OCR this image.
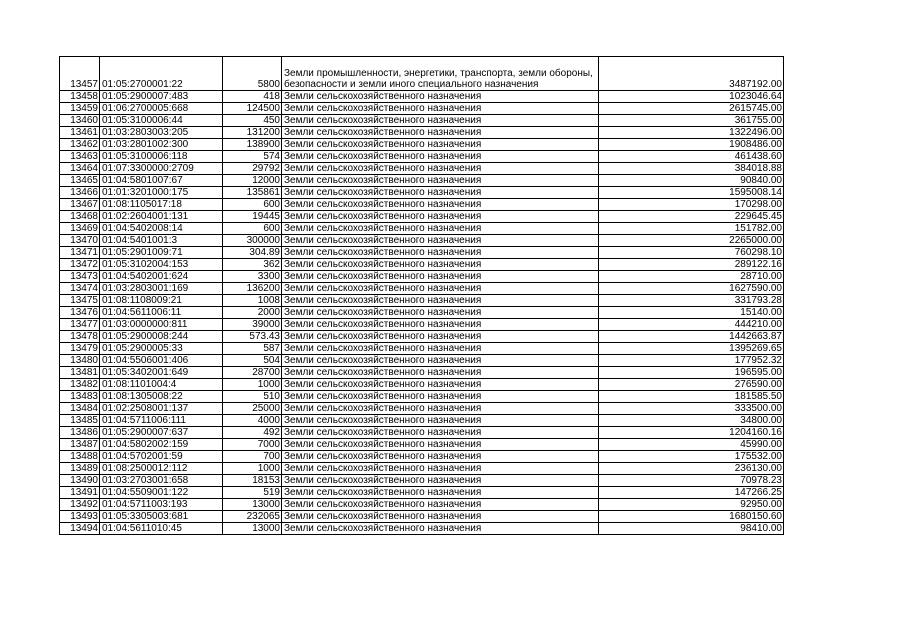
13457	01:05:2700001:22	5800	Земли промышленности, энергетики, транспорта, земли обороны, безопасности и земли иного специального назначения	3487192.00
13458	01:05:2900007:483	418	Земли сельскохозяйственного назначения	1023046.64
13459	01:06:2700005:668	124500	Земли сельскохозяйственного назначения	2615745.00
13460	01:05:3100006:44	450	Земли сельскохозяйственного назначения	361755.00
13461	01:03:2803003:205	131200	Земли сельскохозяйственного назначения	1322496.00
13462	01:03:2801002:300	138900	Земли сельскохозяйственного назначения	1908486.00
13463	01:05:3100006:118	574	Земли сельскохозяйственного назначения	461438.60
13464	01:07:3300000:2709	29792	Земли сельскохозяйственного назначения	384018.88
13465	01:04:5801007:67	12000	Земли сельскохозяйственного назначения	90840.00
13466	01:01:3201000:175	135861	Земли сельскохозяйственного назначения	1595008.14
13467	01:08:1105017:18	600	Земли сельскохозяйственного назначения	170298.00
13468	01:02:2604001:131	19445	Земли сельскохозяйственного назначения	229645.45
13469	01:04:5402008:14	600	Земли сельскохозяйственного назначения	151782.00
13470	01:04:5401001:3	300000	Земли сельскохозяйственного назначения	2265000.00
13471	01:05:2901009:71	304.89	Земли сельскохозяйственного назначения	760298.10
13472	01:05:3102004:153	362	Земли сельскохозяйственного назначения	289122.16
13473	01:04:5402001:624	3300	Земли сельскохозяйственного назначения	28710.00
13474	01:03:2803001:169	136200	Земли сельскохозяйственного назначения	1627590.00
13475	01:08:1108009:21	1008	Земли сельскохозяйственного назначения	331793.28
13476	01:04:5611006:11	2000	Земли сельскохозяйственного назначения	15140.00
13477	01:03:0000000:811	39000	Земли сельскохозяйственного назначения	444210.00
13478	01:05:2900008:244	573.43	Земли сельскохозяйственного назначения	1442663.87
13479	01:05:2900005:33	587	Земли сельскохозяйственного назначения	1395269.65
13480	01:04:5506001:406	504	Земли сельскохозяйственного назначения	177952.32
13481	01:05:3402001:649	28700	Земли сельскохозяйственного назначения	196595.00
13482	01:08:1101004:4	1000	Земли сельскохозяйственного назначения	276590.00
13483	01:08:1305008:22	510	Земли сельскохозяйственного назначения	181585.50
13484	01:02:2508001:137	25000	Земли сельскохозяйственного назначения	333500.00
13485	01:04:5711006:111	4000	Земли сельскохозяйственного назначения	34800.00
13486	01:05:2900007:637	492	Земли сельскохозяйственного назначения	1204160.16
13487	01:04:5802002:159	7000	Земли сельскохозяйственного назначения	45990.00
13488	01:04:5702001:59	700	Земли сельскохозяйственного назначения	175532.00
13489	01:08:2500012:112	1000	Земли сельскохозяйственного назначения	236130.00
13490	01:03:2703001:658	18153	Земли сельскохозяйственного назначения	70978.23
13491	01:04:5509001:122	519	Земли сельскохозяйственного назначения	147266.25
13492	01:04:5711003:193	13000	Земли сельскохозяйственного назначения	92950.00
13493	01:05:3305003:681	232065	Земли сельскохозяйственного назначения	1680150.60
13494	01:04:5611010:45	13000	Земли сельскохозяйственного назначения	98410.00
